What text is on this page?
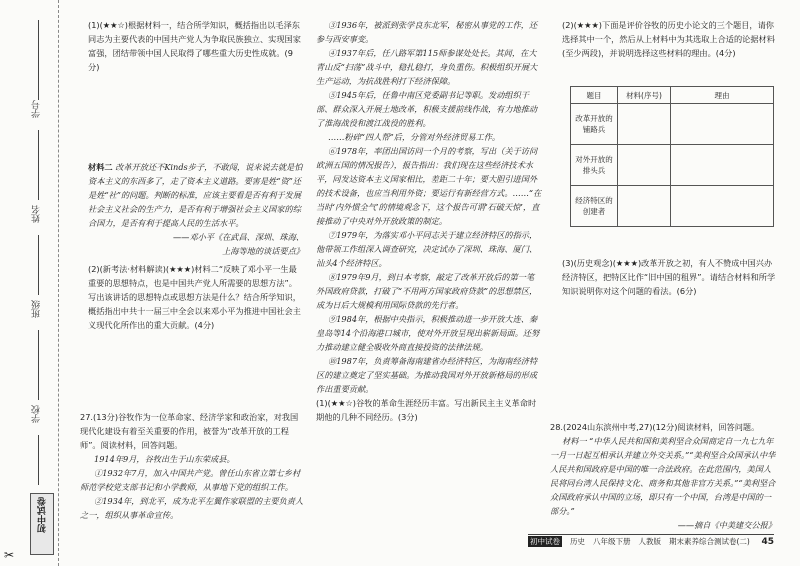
学号
姓名
班级
学校
初中试卷
✂

(1)(★★☆)根据材料一，结合所学知识，概括指出以毛泽东同志为主要代表的中国共产党人为争取民族独立、实现国家富强，团结带领中国人民取得了哪些重大历史性成就。(9分)

材料二 改革开放还不Kinds步子，不敢闯，说来说去就是怕资本主义的东西多了，走了资本主义道路。要害是姓“资”还是姓“社”的问题。判断的标准，应该主要看是否有利于发展社会主义社会的生产力，是否有利于增强社会主义国家的综合国力，是否有利于提高人民的生活水平。

——邓小平《在武昌、深圳、珠海、

上海等地的谈话要点》

(2)(新考法·材料解读)(★★★)材料二“反映了邓小平一生最重要的思想特点，也是中国共产党人所需要的思想方法”。写出该讲话的思想特点或思想方法是什么？结合所学知识，概括指出中共十一届三中全会以来邓小平为推进中国社会主义现代化所作出的重大贡献。(4分)

27.(13分)谷牧作为一位革命家、经济学家和政治家，对我国现代化建设有着至关重要的作用，被誉为“改革开放的工程师”。阅读材料，回答问题。

1914年9月，谷牧出生于山东荣成县。

①1932年7月，加入中国共产党。曾任山东省立第七乡村师范学校党支部书记和小学教师，从事地下党的组织工作。

②1934年，到北平，成为北平左翼作家联盟的主要负责人之一，组织从事革命宣传。

③1936年，被派到张学良东北军，秘密从事党的工作，还参与西安事变。

④1937年后，任八路军第115师参谋处处长。其间，在大青山反“扫荡”战斗中，稳扎稳打，身负重伤。积极组织开展大生产运动，为抗战胜利打下经济保障。

⑤1945年后，任鲁中南区党委副书记等职。发动组织干部、群众深入开展土地改革，积极支援前线作战，有力地推动了淮海战役和渡江战役的胜利。

……粉碎“四人帮”后，分管对外经济贸易工作。

⑥1978年，率团出国访问一个月的考察，写出（关于访问欧洲五国的情况报告），报告指出：我们现在这些经济技术水平，同发达资本主义国家相比，差距二十年；要大胆引进国外的技术设备，也应当利用外资；要运行有新经营方式。……“在当时‘内外惯全气’的情境观念下，这个报告可谓‘石破天惊’，直接推动了中央对外开放政策的制定。

⑦1979年，为落实邓小平同志关于建立经济特区的指示，他带领工作组深入调查研究，决定试办了深圳、珠海、厦门、汕头4个经济特区。

⑧1979年9月，到日本考察，敲定了改革开放后的第一笔外国政府贷款，打破了“不用两方国家政府贷款”的思想禁区，成为日后大规模利用国际贷款的先行者。

⑨1984年，根据中央指示，积极推动进一步开放大连、秦皇岛等14个沿海港口城市，使对外开放呈现出崭新局面。还努力推动建立健全吸收外商直接投资的法律法规。

⑩1987年，负责筹备海南建省办经济特区，为海南经济特区的建立奠定了坚实基础。为推动我国对外开放新格局的形成作出重要贡献。

(1)(★★☆)谷牧的革命生涯经历丰富。写出新民主主义革命时期他的几种不同经历。(3分)

(2)(★★★)下面是评价谷牧的历史小论文的三个题目，请你选择其中一个，然后从上材料中为其选取上合适的论据材料(至少两段)，并说明选择这些材料的理由。(4分)

题目	材料(序号)	理由
改革开放的铺路兵		
对外开放的排头兵		
经济特区的创建者		

(3)(历史观念)(★★★)改革开放之初，有人不赞成中国兴办经济特区，把特区比作“旧中国的租界”。请结合材料和所学知识说明你对这个问题的看法。(6分)

28.(2024山东滨州中考,27)(12分)阅读材料，回答问题。

材料一 “中华人民共和国和美利坚合众国商定自一九七九年一月一日起互相承认并建立外交关系。”“美利坚合众国承认中华人民共和国政府是中国的唯一合法政府。在此范围内，美国人民将同台湾人民保持文化、商务和其他非官方关系。”“美利坚合众国政府承认中国的立场，即只有一个中国，台湾是中国的一部分。”

——摘自《中美建交公报》

初中试卷 历史 八年级下册 人教版 期末素养综合测试卷(二) 45
